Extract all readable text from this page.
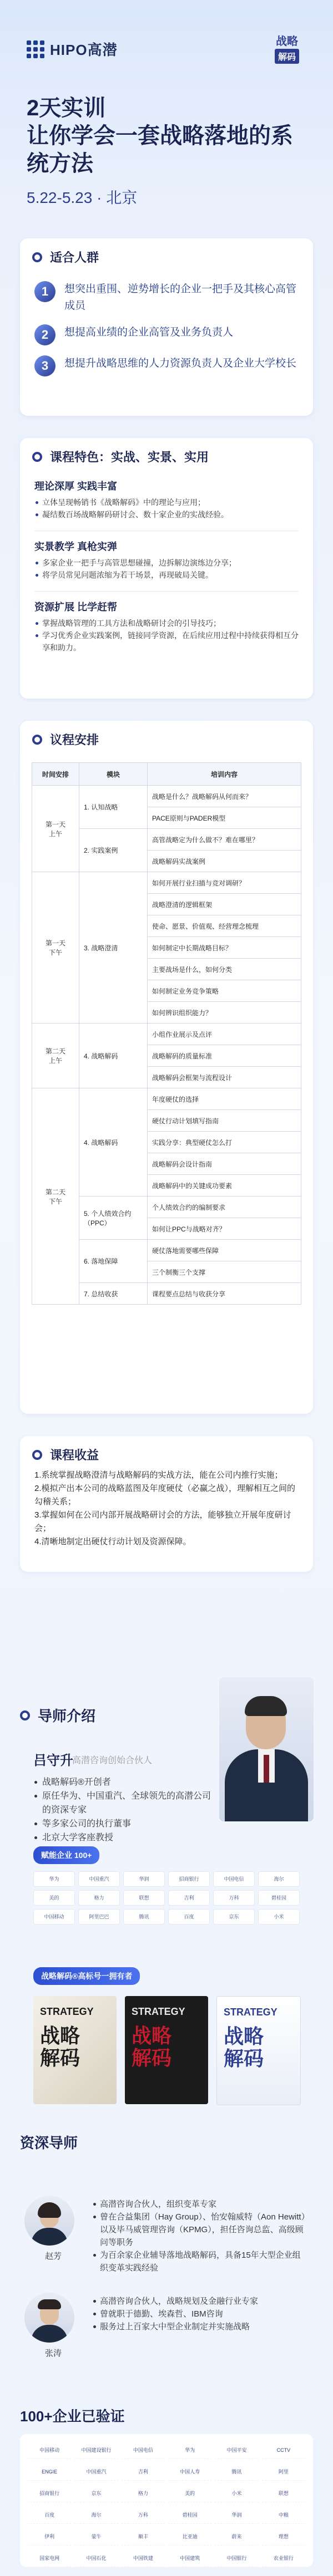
HIPO高潜	战略
解码
2天实训
让你学会一套战略落地的系统方法
5.22-5.23 · 北京
适合人群
1	想突出重围、逆势增长的企业一把手及其核心高管成员
2	想提高业绩的企业高管及业务负责人
3	想提升战略思维的人力资源负责人及企业大学校长
课程特色：实战、实景、实用
理论深厚 实践丰富
立体呈现畅销书《战略解码》中的理论与应用；
凝结数百场战略解码研讨会、数十家企业的实战经验。
实景教学 真枪实弹
多家企业一把手与高管思想碰撞，边拆解边演练边分享；
将学员常见问题浓缩为若干场景，再现破局关键。
资源扩展 比学赶帮
掌握战略管理的工具方法和战略研讨会的引导技巧；
学习优秀企业实践案例，链接同学资源，在后续应用过程中持续获得相互分享和助力。
议程安排
时间安排	模块	培训内容
第一天
上午	1. 认知战略	战略是什么？战略解码从何而来？
		PACE原则与PADER模型
	2. 实践案例	高管战略定为什么做不？难在哪里？
		战略解码实战案例
第一天
下午	3. 战略澄清	如何开展行业扫描与竞对调研？
		战略澄清的逻辑框架
		使命、愿景、价值观、经营理念梳理
		如何制定中长期战略目标？
		主要战场是什么，如何分类
		如何制定业务竞争策略
		如何辨识组织能力？
第二天
上午	4. 战略解码	小组作业展示及点评
		战略解码的质量标准
		战略解码会框架与流程设计
第二天
下午	4. 战略解码	年度硬仗的选择
		硬仗行动计划填写指南
		实践分享：典型硬仗怎么打
		战略解码会设计指南
		战略解码中的关键成功要素
	5. 个人绩效合约
（PPC）	个人绩效合约的编制要求
		如何让PPC与战略对齐？
	6. 落地保障	硬仗落地需要哪些保障
		三个制衡三个支撑
	7. 总结收获	课程要点总结与收获分享
课程收益
1.系统掌握战略澄清与战略解码的实战方法，能在公司内推行实施；
2.模拟产出本公司的战略蓝图及年度硬仗（必赢之战），理解相互之间的勾稽关系；
3.掌握如何在公司内部开展战略研讨会的方法，能够独立开展年度研讨会；
4.清晰地制定出硬仗行动计划及资源保障。
导师介绍
吕守升
高潜咨询创始合伙人
战略解码®开创者
原任华为、中国重汽、全球领先的高潜公司的资深专家
等多家公司的执行董事
北京大学客座教授
赋能企业 100+
华为	中国重汽	华润	招商银行	中国电信	海尔
美的	格力	联想	吉利	万科	碧桂园
中国移动	阿里巴巴	腾讯	百度	京东	小米
战略解码®高标号一拥有者
STRATEGY
战略
解码
STRATEGY
战略
解码
STRATEGY
战略
解码
资深导师
赵芳
高潜咨询合伙人，组织变革专家
曾在合益集团（Hay Group）、怡安翰威特（Aon Hewitt）以及毕马威管理咨询（KPMG），担任咨询总监、高级顾问等职务
为百余家企业辅导落地战略解码，具备15年大型企业组织变革实践经验
张涛
高潜咨询合伙人，战略规划及金融行业专家
曾就职于德勤、埃森哲、IBM咨询
服务过上百家大中型企业制定并实施战略
100+企业已验证
中国移动	中国建设银行	中国电信	华为	中国平安	CCTV
ENGIE	中国重汽	吉利	中国人寿	腾讯	阿里
招商银行	京东	格力	美的	小米	联想
百度	海尔	万科	碧桂园	华润	中粮
伊利	蒙牛	顺丰	比亚迪	蔚来	理想
国家电网	中国石化	中国铁建	中国建筑	中国银行	农业银行
